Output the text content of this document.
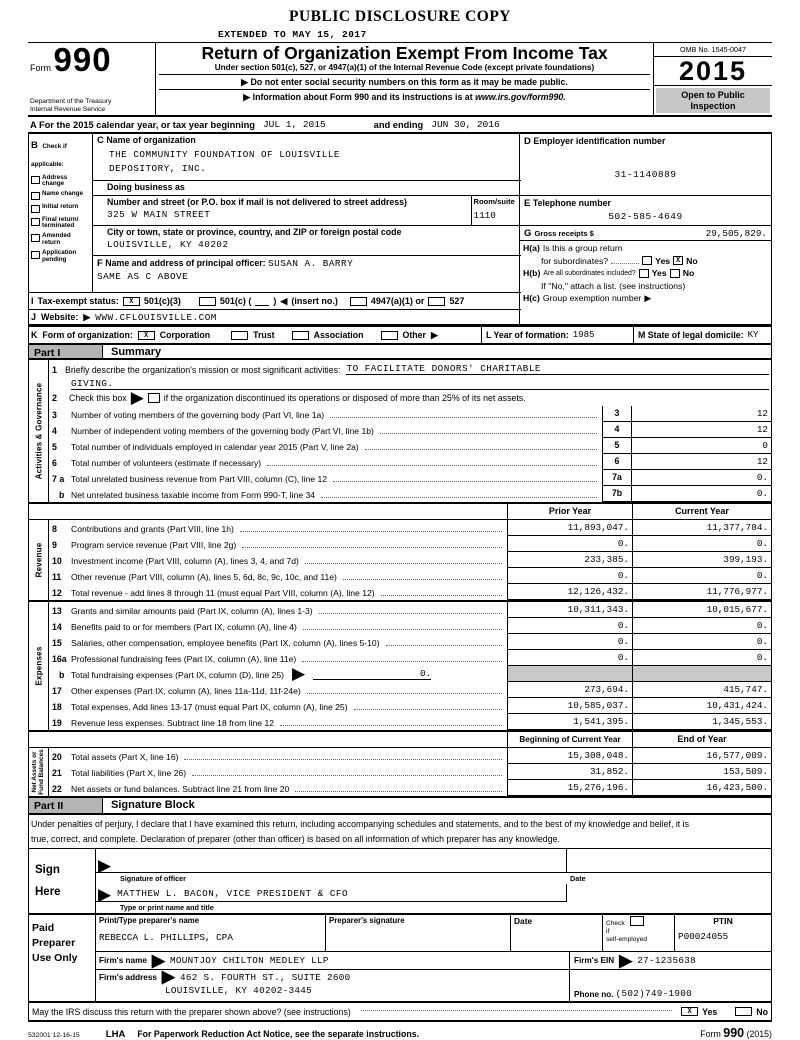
PUBLIC DISCLOSURE COPY
EXTENDED TO MAY 15, 2017
Form 990
Department of the Treasury
Internal Revenue Service
Return of Organization Exempt From Income Tax
Under section 501(c), 527, or 4947(a)(1) of the Internal Revenue Code (except private foundations)
▶ Do not enter social security numbers on this form as it may be made public.
▶ Information about Form 990 and its instructions is at www.irs.gov/form990.
OMB No. 1545-0047
2015
Open to Public
Inspection
A For the 2015 calendar year, or tax year beginning JUL 1, 2015	and ending JUN 30, 2016
B Check if applicable:
Address change
Name change
Initial return
Final return/ terminated
Amended return
Application pending
C Name of organization
THE COMMUNITY FOUNDATION OF LOUISVILLE
DEPOSITORY, INC.
Doing business as
Number and street (or P.O. box if mail is not delivered to street address)
325 W MAIN STREET
Room/suite
1110
City or town, state or province, country, and ZIP or foreign postal code
LOUISVILLE, KY 40202
F Name and address of principal officer: SUSAN A. BARRY
SAME AS C ABOVE
I Tax-exempt status:	X	501(c)(3)	501(c) ( ) ◀ (insert no.)	4947(a)(1) or	527
J Website: ▶ WWW.CFLOUISVILLE.COM
D Employer identification number
31-1140889
E Telephone number
502-585-4649
G Gross receipts $	29,505,829.
H(a) Is this a group return
for subordinates?	Yes X No
H(b) Are all subordinates included? Yes No
If "No," attach a list. (see instructions)
H(c) Group exemption number ▶
K Form of organization:	X	Corporation	Trust	Association	Other ▶	L Year of formation: 1985	M State of legal domicile: KY
Part I	Summary
Activities & Governance
1 Briefly describe the organization's mission or most significant activities: TO FACILITATE DONORS' CHARITABLE
GIVING.
2	Check this box ▶ if the organization discontinued its operations or disposed of more than 25% of its net assets.
3	Number of voting members of the governing body (Part VI, line 1a)	3	12
4	Number of independent voting members of the governing body (Part VI, line 1b)	4	12
5	Total number of individuals employed in calendar year 2015 (Part V, line 2a)	5	0
6	Total number of volunteers (estimate if necessary)	6	12
7 a Total unrelated business revenue from Part VIII, column (C), line 12	7a	0.
b Net unrelated business taxable income from Form 990-T, line 34	7b	0.
Prior Year	Current Year
Revenue
8	Contributions and grants (Part VIII, line 1h)	11,893,047.	11,377,784.
9	Program service revenue (Part VIII, line 2g)	0.	0.
10	Investment income (Part VIII, column (A), lines 3, 4, and 7d)	233,385.	399,193.
11	Other revenue (Part VIII, column (A), lines 5, 6d, 8c, 9c, 10c, and 11e)	0.	0.
12	Total revenue - add lines 8 through 11 (must equal Part VIII, column (A), line 12)	12,126,432.	11,776,977.
Expenses
13	Grants and similar amounts paid (Part IX, column (A), lines 1-3)	10,311,343.	10,015,677.
14	Benefits paid to or for members (Part IX, column (A), line 4)	0.	0.
15	Salaries, other compensation, employee benefits (Part IX, column (A), lines 5-10)	0.	0.
16a Professional fundraising fees (Part IX, column (A), line 11e)	0.	0.
b Total fundraising expenses (Part IX, column (D), line 25) ▶	0.
17	Other expenses (Part IX, column (A), lines 11a-11d, 11f-24e)	273,694.	415,747.
18	Total expenses. Add lines 13-17 (must equal Part IX, column (A), line 25)	10,585,037.	10,431,424.
19	Revenue less expenses. Subtract line 18 from line 12	1,541,395.	1,345,553.
Beginning of Current Year	End of Year
Net Assets or
Fund Balances 20	Total assets (Part X, line 16)	15,308,048.	16,577,009.
21	Total liabilities (Part X, line 26)	31,852.	153,509.
22	Net assets or fund balances. Subtract line 21 from line 20	15,276,196.	16,423,500.
Part II	Signature Block
Under penalties of perjury, I declare that I have examined this return, including accompanying schedules and statements, and to the best of my knowledge and belief, it is
true, correct, and complete. Declaration of preparer (other than officer) is based on all information of which preparer has any knowledge.
Sign
Here
▶
Signature of officer	Date
▶ MATTHEW L. BACON, VICE PRESIDENT & CFO
Type or print name and title
Paid
Preparer
Use Only
Print/Type preparer's name
REBECCA L. PHILLIPS, CPA
Preparer's signature	Date	Check
if
self-employed
PTIN
P00024055
Firm's name ▶ MOUNTJOY CHILTON MEDLEY LLP	Firm's EIN ▶ 27-1235638
Firm's address ▶ 462 S. FOURTH ST., SUITE 2600
LOUISVILLE, KY 40202-3445	Phone no. (502)749-1900
May the IRS discuss this return with the preparer shown above? (see instructions)	X	Yes	No
532001 12-16-15	LHA For Paperwork Reduction Act Notice, see the separate instructions.	Form 990 (2015)
